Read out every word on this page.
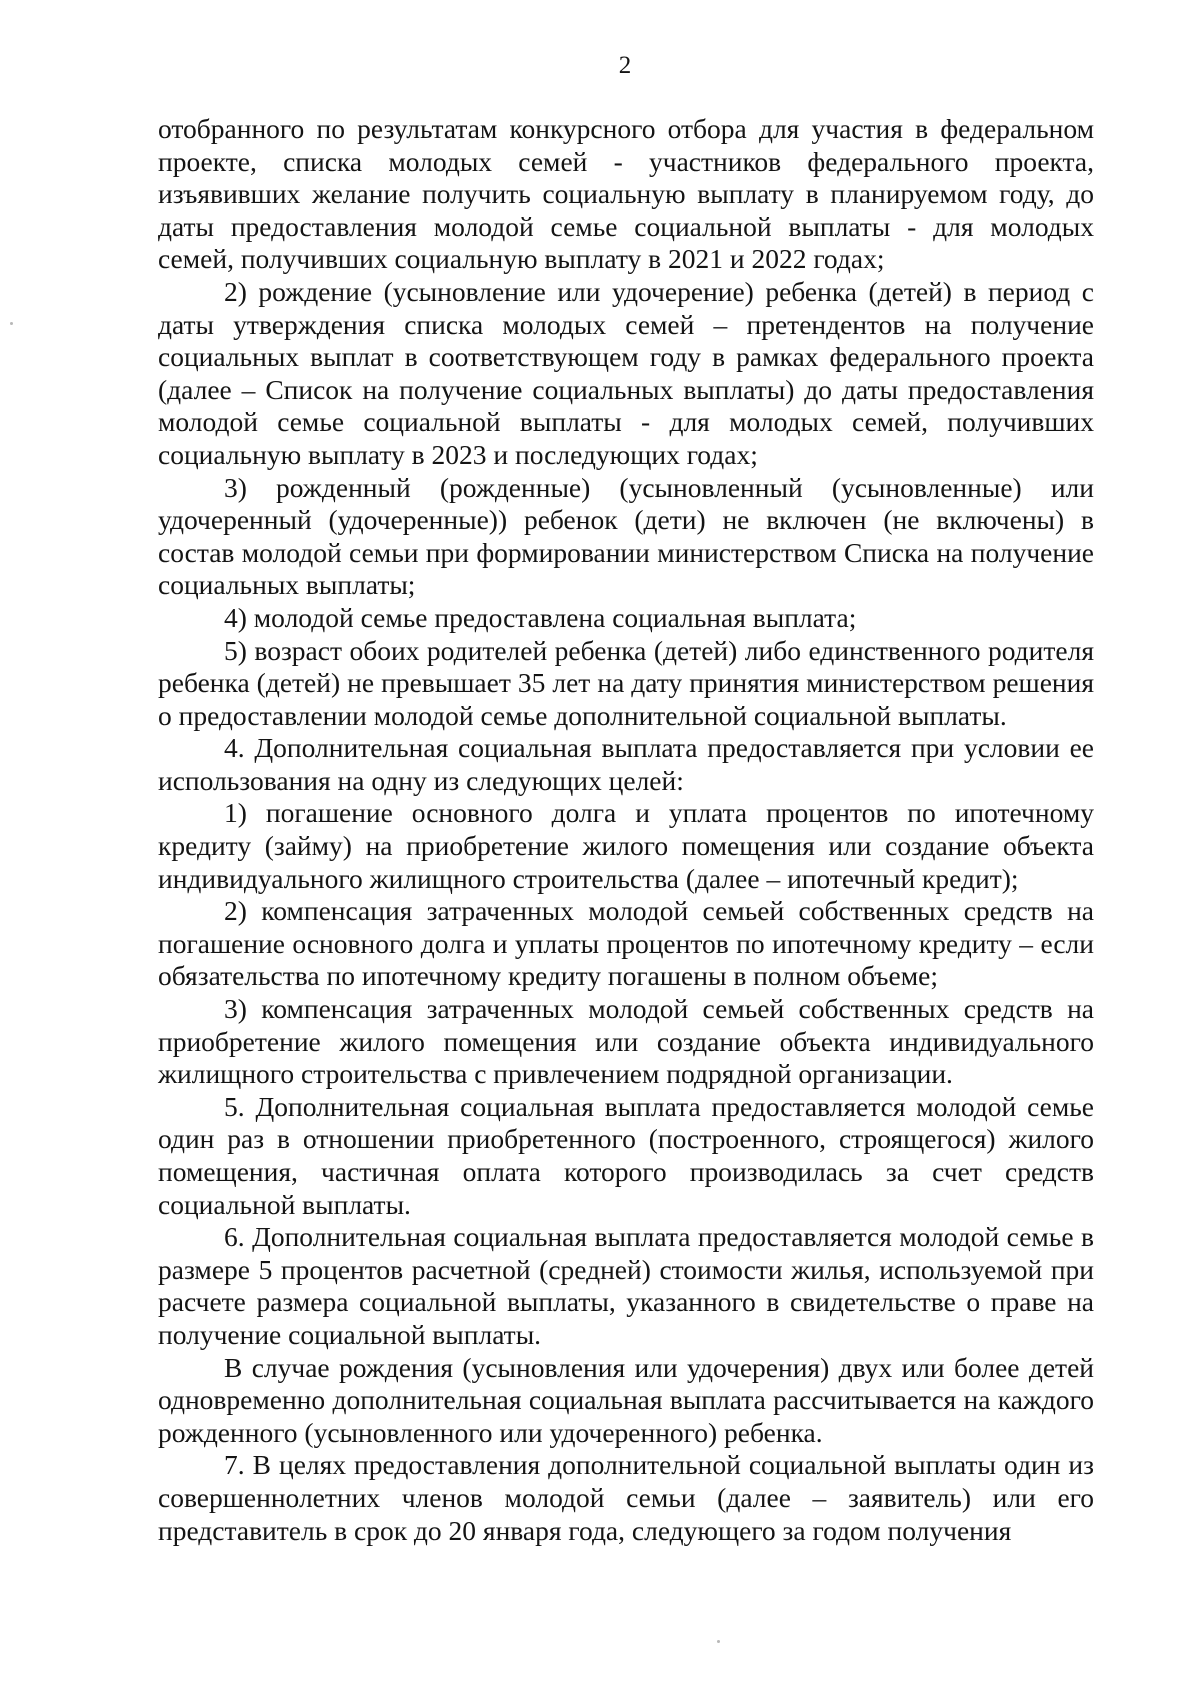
2

отобранного по результатам конкурсного отбора для участия в федеральном проекте, списка молодых семей - участников федерального проекта, изъявивших желание получить социальную выплату в планируемом году, до даты предоставления молодой семье социальной выплаты - для молодых семей, получивших социальную выплату в 2021 и 2022 годах;

2) рождение (усыновление или удочерение) ребенка (детей) в период с даты утверждения списка молодых семей – претендентов на получение социальных выплат в соответствующем году в рамках федерального проекта (далее – Список на получение социальных выплаты) до даты предоставления молодой семье социальной выплаты - для молодых семей, получивших социальную выплату в 2023 и последующих годах;

3) рожденный (рожденные) (усыновленный (усыновленные) или удочеренный (удочеренные)) ребенок (дети) не включен (не включены) в состав молодой семьи при формировании министерством Списка на получение социальных выплаты;

4) молодой семье предоставлена социальная выплата;

5) возраст обоих родителей ребенка (детей) либо единственного родителя ребенка (детей) не превышает 35 лет на дату принятия министерством решения о предоставлении молодой семье дополнительной социальной выплаты.

4. Дополнительная социальная выплата предоставляется при условии ее использования на одну из следующих целей:

1) погашение основного долга и уплата процентов по ипотечному кредиту (займу) на приобретение жилого помещения или создание объекта индивидуального жилищного строительства (далее – ипотечный кредит);

2) компенсация затраченных молодой семьей собственных средств на погашение основного долга и уплаты процентов по ипотечному кредиту – если обязательства по ипотечному кредиту погашены в полном объеме;

3) компенсация затраченных молодой семьей собственных средств на приобретение жилого помещения или создание объекта индивидуального жилищного строительства с привлечением подрядной организации.

5. Дополнительная социальная выплата предоставляется молодой семье один раз в отношении приобретенного (построенного, строящегося) жилого помещения, частичная оплата которого производилась за счет средств социальной выплаты.

6. Дополнительная социальная выплата предоставляется молодой семье в размере 5 процентов расчетной (средней) стоимости жилья, используемой при расчете размера социальной выплаты, указанного в свидетельстве о праве на получение социальной выплаты.

В случае рождения (усыновления или удочерения) двух или более детей одновременно дополнительная социальная выплата рассчитывается на каждого рожденного (усыновленного или удочеренного) ребенка.

7. В целях предоставления дополнительной социальной выплаты один из совершеннолетних членов молодой семьи (далее – заявитель) или его представитель в срок до 20 января года, следующего за годом получения
